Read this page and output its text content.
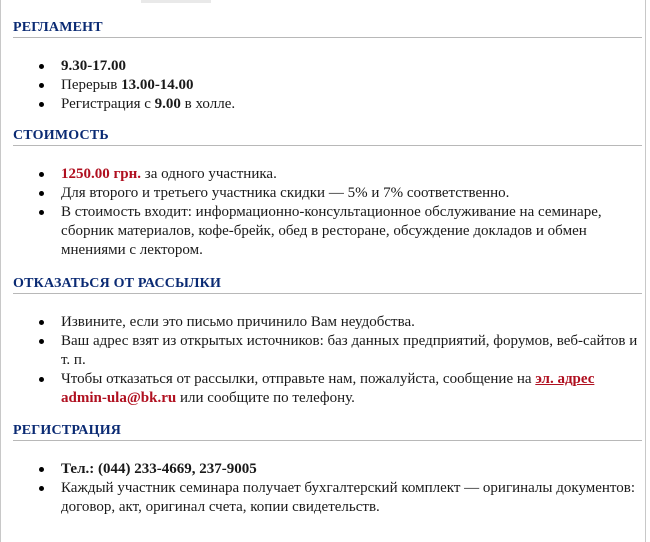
РЕГЛАМЕНТ
9.30-17.00
Перерыв 13.00-14.00
Регистрация с 9.00 в холле.
СТОИМОСТЬ
1250.00 грн. за одного участника.
Для второго и третьего участника скидки — 5% и 7% соответственно.
В стоимость входит: информационно-консультационное обслуживание на семинаре, сборник материалов, кофе-брейк, обед в ресторане, обсуждение докладов и обмен мнениями с лектором.
ОТКАЗАТЬСЯ ОТ РАССЫЛКИ
Извините, если это письмо причинило Вам неудобства.
Ваш адрес взят из открытых источников: баз данных предприятий, форумов, веб-сайтов и т. п.
Чтобы отказаться от рассылки, отправьте нам, пожалуйста, сообщение на эл. адрес admin-ula@bk.ru или сообщите по телефону.
РЕГИСТРАЦИЯ
Тел.: (044) 233-4669, 237-9005
Каждый участник семинара получает бухгалтерский комплект — оригиналы документов: договор, акт, оригинал счета, копии свидетельств.
